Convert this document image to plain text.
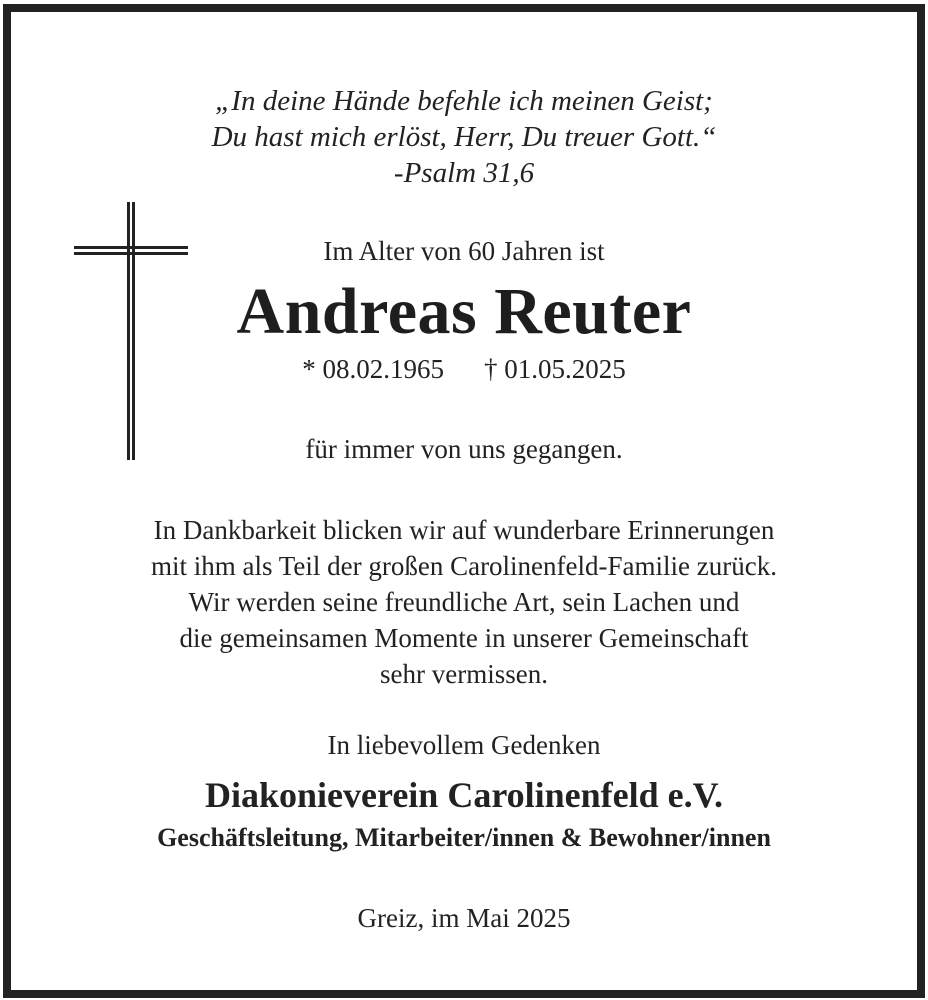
„In deine Hände befehle ich meinen Geist;
Du hast mich erlöst, Herr, Du treuer Gott.“
-Psalm 31,6
Im Alter von 60 Jahren ist
Andreas Reuter
* 08.02.1965 † 01.05.2025
für immer von uns gegangen.
In Dankbarkeit blicken wir auf wunderbare Erinnerungen
mit ihm als Teil der großen Carolinenfeld-Familie zurück.
Wir werden seine freundliche Art, sein Lachen und
die gemeinsamen Momente in unserer Gemeinschaft
sehr vermissen.
In liebevollem Gedenken
Diakonieverein Carolinenfeld e.V.
Geschäftsleitung, Mitarbeiter/innen & Bewohner/innen
Greiz, im Mai 2025
